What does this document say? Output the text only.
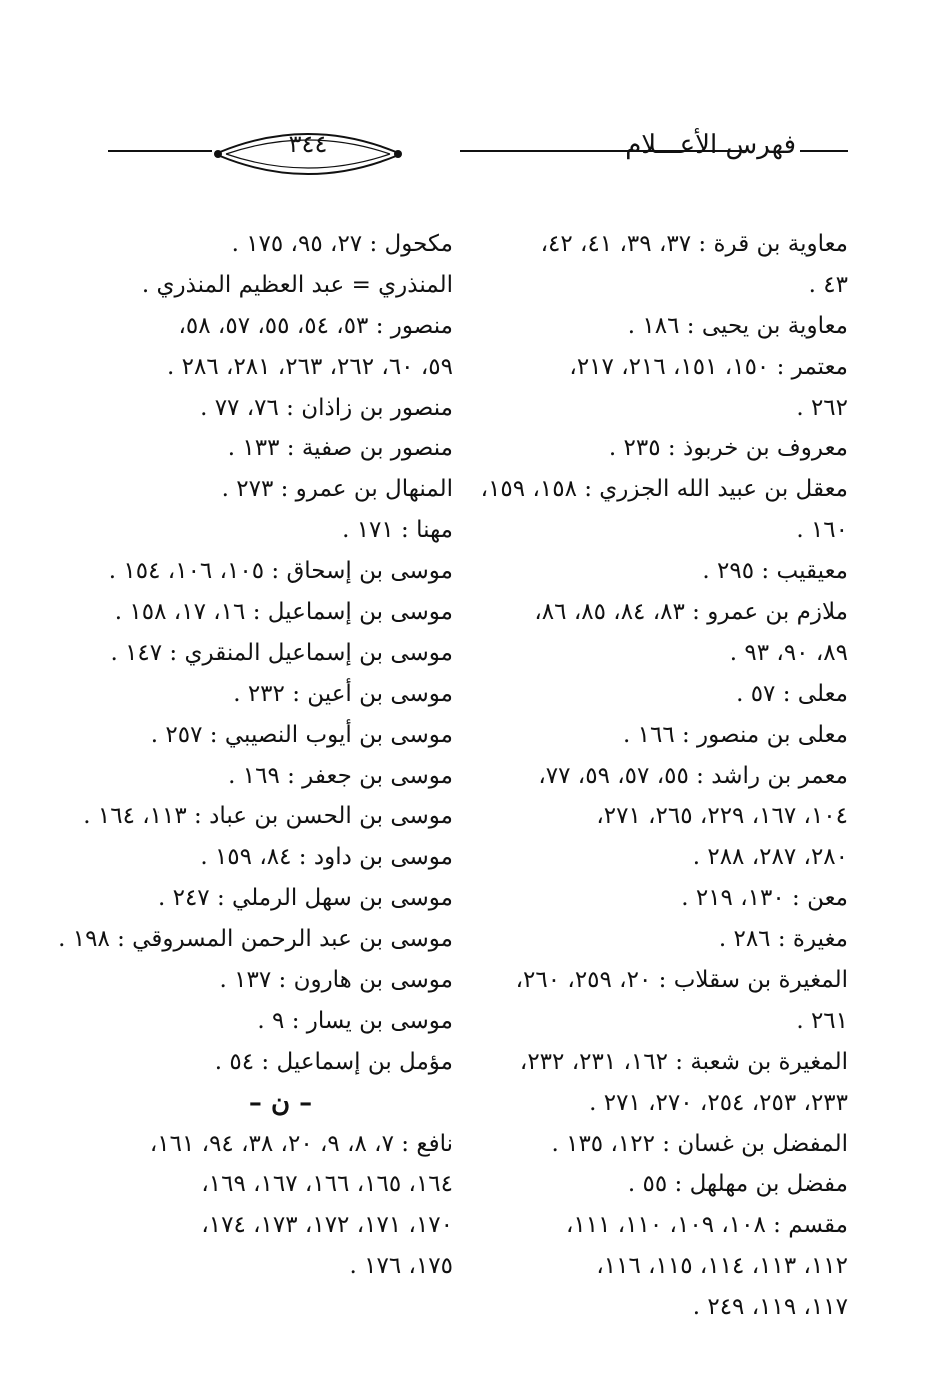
فهرس الأعـــلام
٣٤٤
معاوية بن قرة : ٣٧، ٣٩، ٤١، ٤٢،
٤٣ .
معاوية بن يحيى : ١٨٦ .
معتمر : ١٥٠، ١٥١، ٢١٦، ٢١٧،
٢٦٢ .
معروف بن خربوذ : ٢٣٥ .
معقل بن عبيد الله الجزري : ١٥٨، ١٥٩،
١٦٠ .
معيقيب : ٢٩٥ .
ملازم بن عمرو : ٨٣، ٨٤، ٨٥، ٨٦،
٨٩، ٩٠، ٩٣ .
معلى : ٥٧ .
معلى بن منصور : ١٦٦ .
معمر بن راشد : ٥٥، ٥٧، ٥٩، ٧٧،
١٠٤، ١٦٧، ٢٢٩، ٢٦٥، ٢٧١،
٢٨٠، ٢٨٧، ٢٨٨ .
معن : ١٣٠، ٢١٩ .
مغيرة : ٢٨٦ .
المغيرة بن سقلاب : ٢٠، ٢٥٩، ٢٦٠،
٢٦١ .
المغيرة بن شعبة : ١٦٢، ٢٣١، ٢٣٢،
٢٣٣، ٢٥٣، ٢٥٤، ٢٧٠، ٢٧١ .
المفضل بن غسان : ١٢٢، ١٣٥ .
مفضل بن مهلهل : ٥٥ .
مقسم : ١٠٨، ١٠٩، ١١٠، ١١١،
١١٢، ١١٣، ١١٤، ١١٥، ١١٦،
١١٧، ١١٩، ٢٤٩ .
مكحول : ٢٧، ٩٥، ١٧٥ .
المنذري = عبد العظيم المنذري .
منصور : ٥٣، ٥٤، ٥٥، ٥٧، ٥٨،
٥٩، ٦٠، ٢٦٢، ٢٦٣، ٢٨١، ٢٨٦ .
منصور بن زاذان : ٧٦، ٧٧ .
منصور بن صفية : ١٣٣ .
المنهال بن عمرو : ٢٧٣ .
مهنا : ١٧١ .
موسى بن إسحاق : ١٠٥، ١٠٦، ١٥٤ .
موسى بن إسماعيل : ١٦، ١٧، ١٥٨ .
موسى بن إسماعيل المنقري : ١٤٧ .
موسى بن أعين : ٢٣٢ .
موسى بن أيوب النصيبي : ٢٥٧ .
موسى بن جعفر : ١٦٩ .
موسى بن الحسن بن عباد : ١١٣، ١٦٤ .
موسى بن داود : ٨٤، ١٥٩ .
موسى بن سهل الرملي : ٢٤٧ .
موسى بن عبد الرحمن المسروقي : ١٩٨ .
موسى بن هارون : ١٣٧ .
موسى بن يسار : ٩ .
مؤمل بن إسماعيل : ٥٤ .
– ن –
نافع : ٧، ٨، ٩، ٢٠، ٣٨، ٩٤، ١٦١،
١٦٤، ١٦٥، ١٦٦، ١٦٧، ١٦٩،
١٧٠، ١٧١، ١٧٢، ١٧٣، ١٧٤،
١٧٥، ١٧٦ .
